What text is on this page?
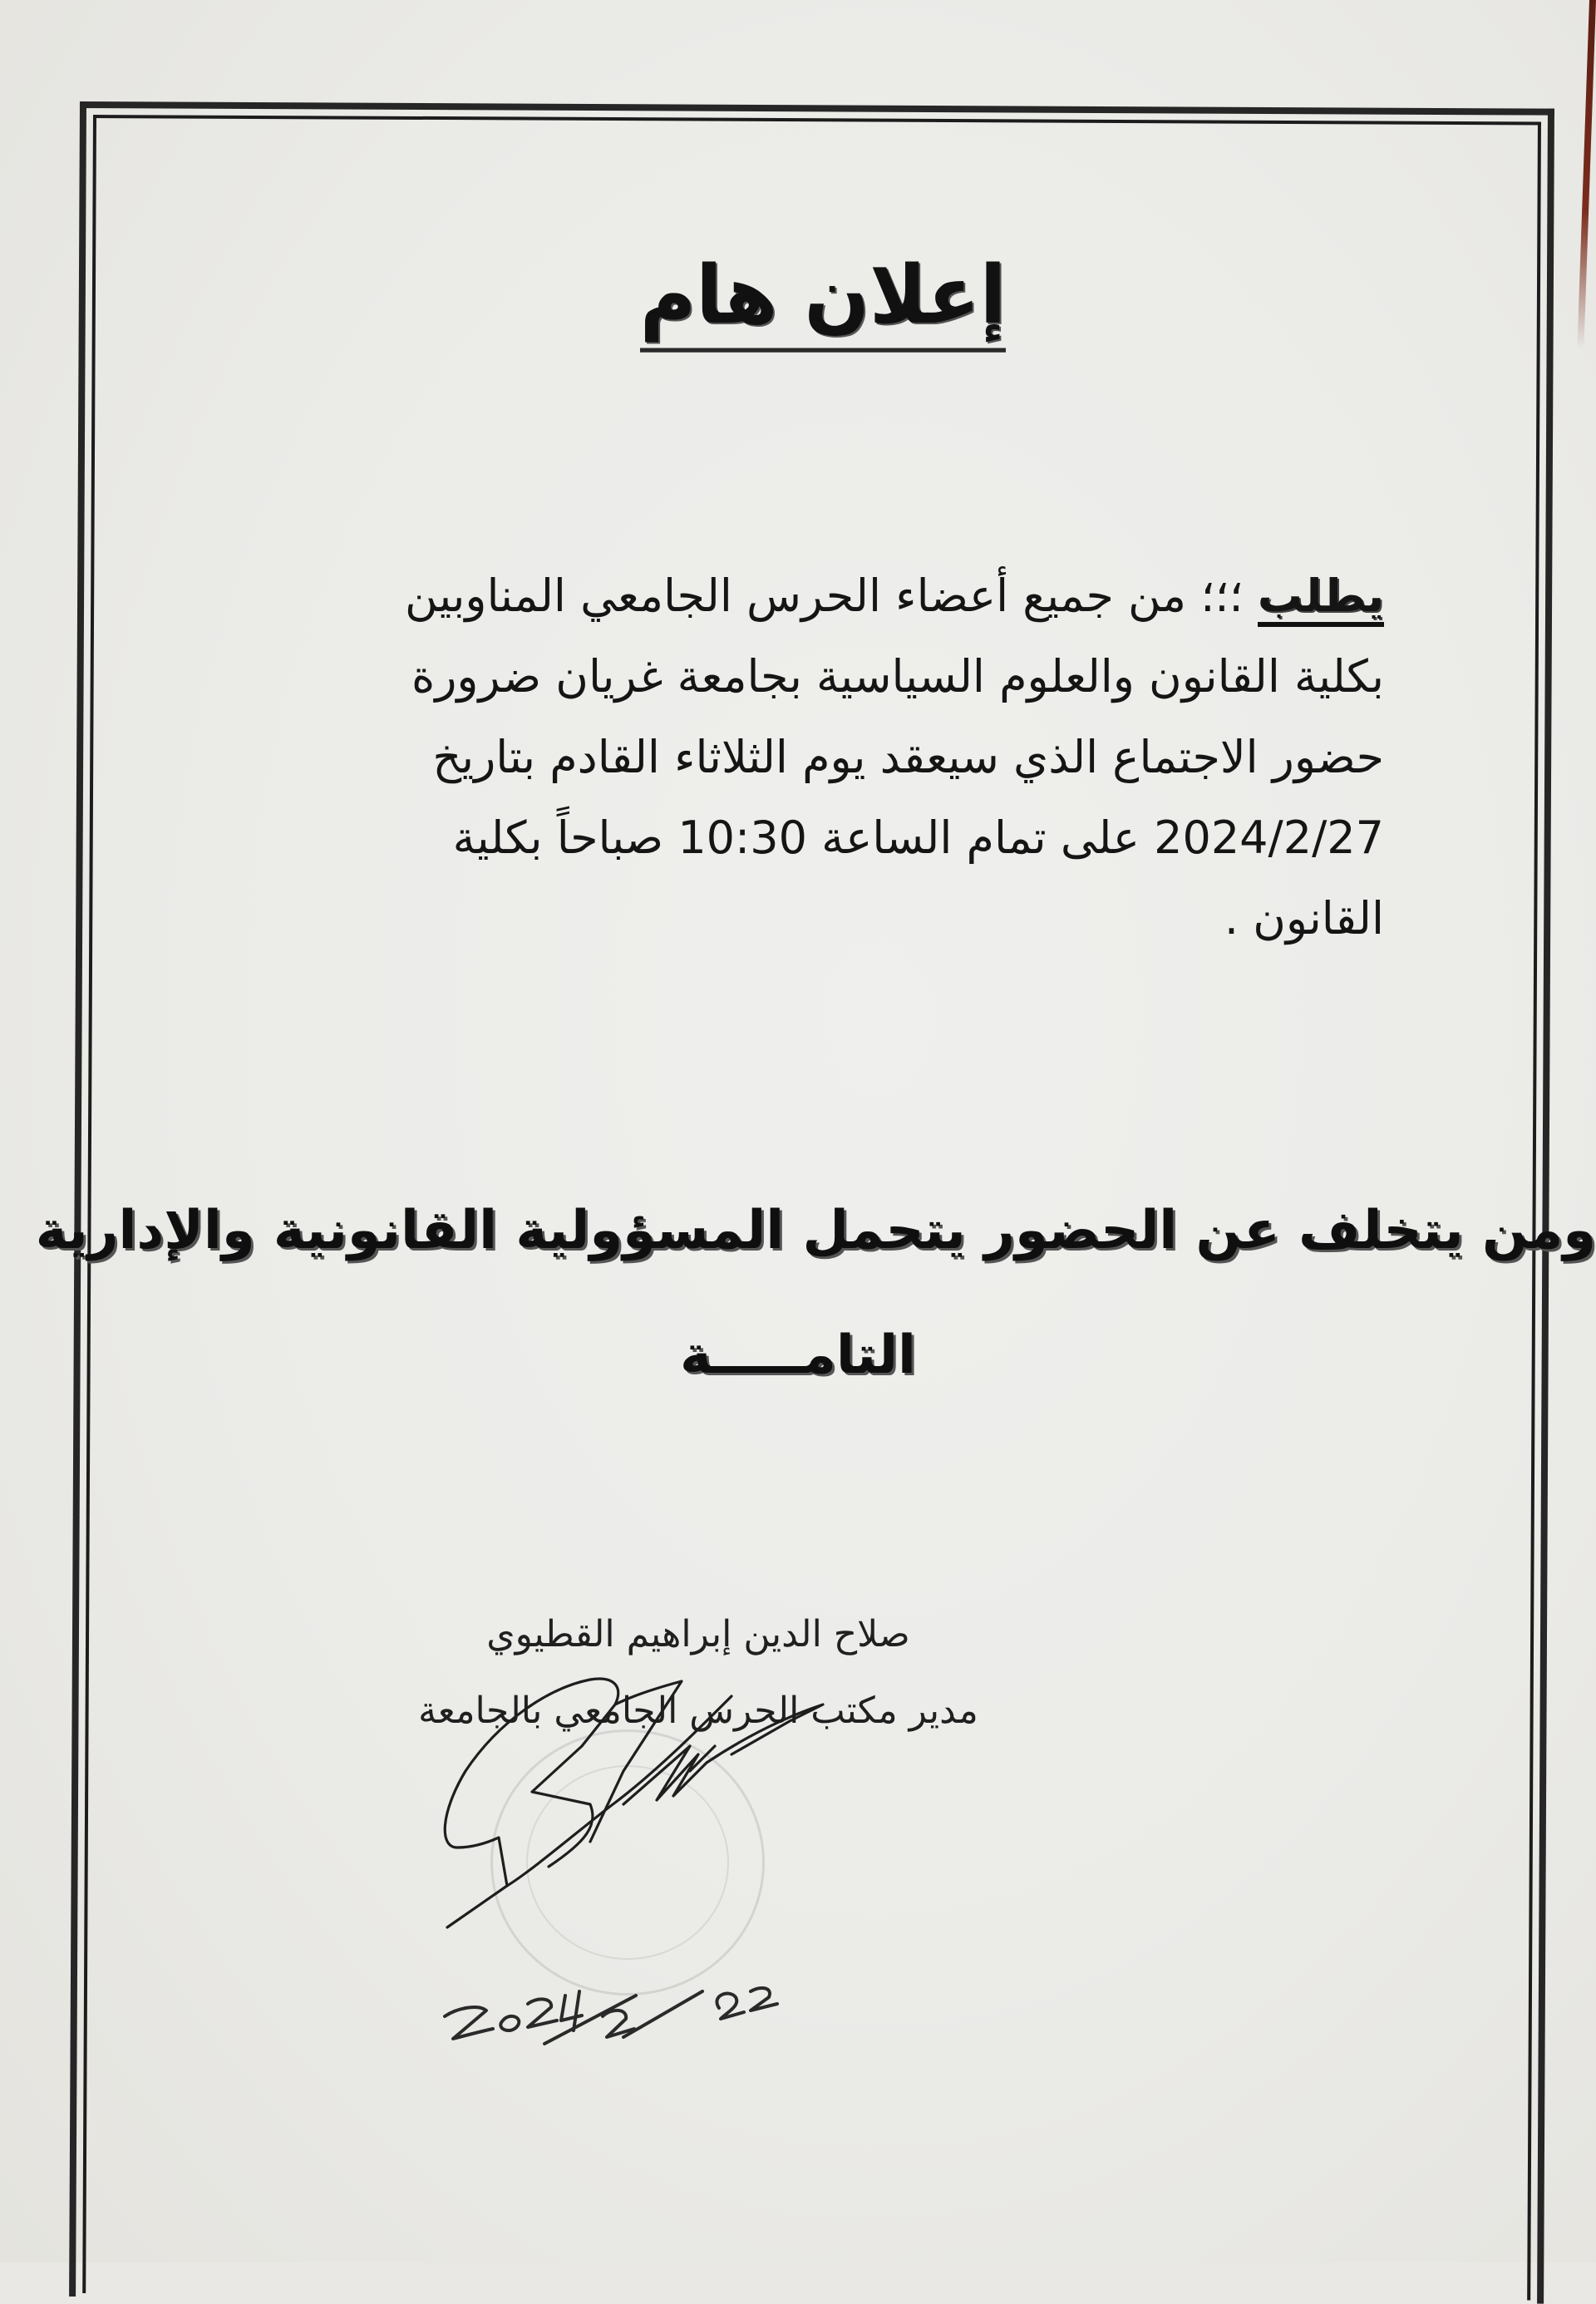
إعلان هام
يطلب ؛؛؛ من جميع أعضاء الحرس الجامعي المناوبين
بكلية القانون والعلوم السياسية بجامعة غريان ضرورة
حضور الاجتماع الذي سيعقد يوم الثلاثاء القادم بتاريخ
2024/2/27 على تمام الساعة 10:30 صباحاً بكلية
القانون .
ومن يتخلف عن الحضور يتحمل المسؤولية القانونية والإدارية
التامـــــة
صلاح الدين إبراهيم القطيوي
مدير مكتب الحرس الجامعي بالجامعة
